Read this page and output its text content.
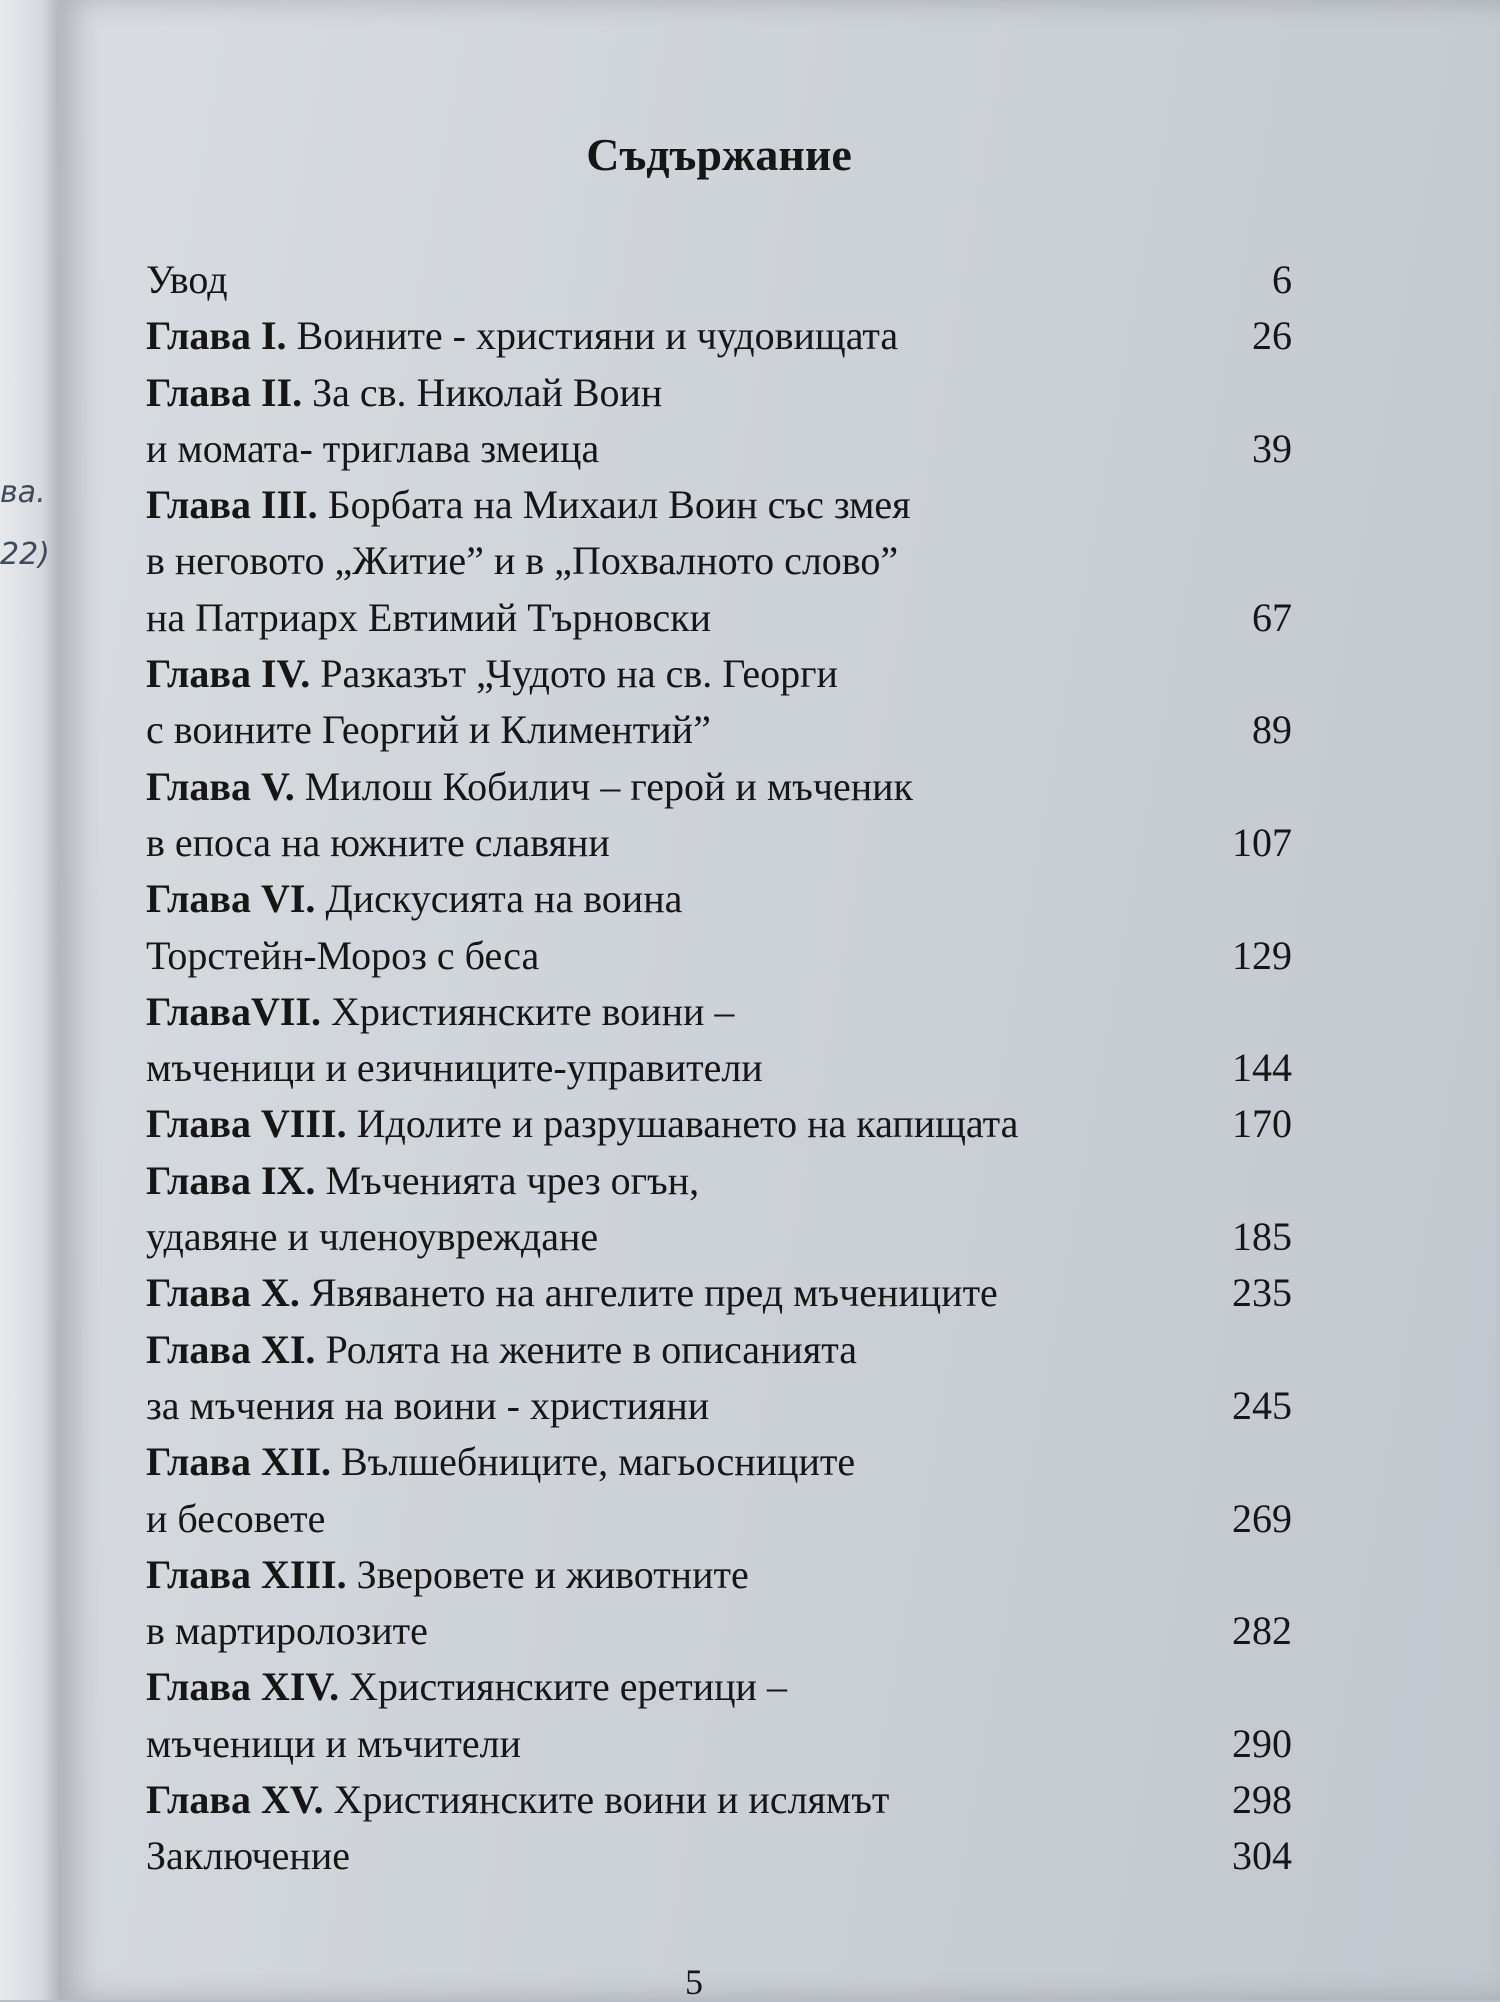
ва.
22)
Съдържание
Увод	6
Глава I. Воините - християни и чудовищата	26
Глава II. За св. Николай Воин
и момата- триглава змеица	39
Глава III. Борбата на Михаил Воин със змея
в неговото „Житие” и в „Похвалното слово”
на Патриарх Евтимий Търновски	67
Глава IV. Разказът „Чудото на св. Георги
с воините Георгий и Климентий”	89
Глава V. Милош Кобилич – герой и мъченик
в епоса на южните славяни	107
Глава VI. Дискусията на воина
Торстейн-Мороз с беса	129
ГлаваVII. Християнските воини –
мъченици и езичниците-управители	144
Глава VIII. Идолите и разрушаването на капищата	170
Глава IX. Мъченията чрез огън,
удавяне и членоувреждане	185
Глава X. Явяването на ангелите пред мъчениците	235
Глава XI. Ролята на жените в описанията
за мъчения на воини - християни	245
Глава XII. Вълшебниците, магьосниците
и бесовете	269
Глава XIII. Зверовете и животните
в мартиролозите	282
Глава XIV. Християнските еретици –
мъченици и мъчители	290
Глава XV. Християнските воини и ислямът	298
Заключение	304
5
